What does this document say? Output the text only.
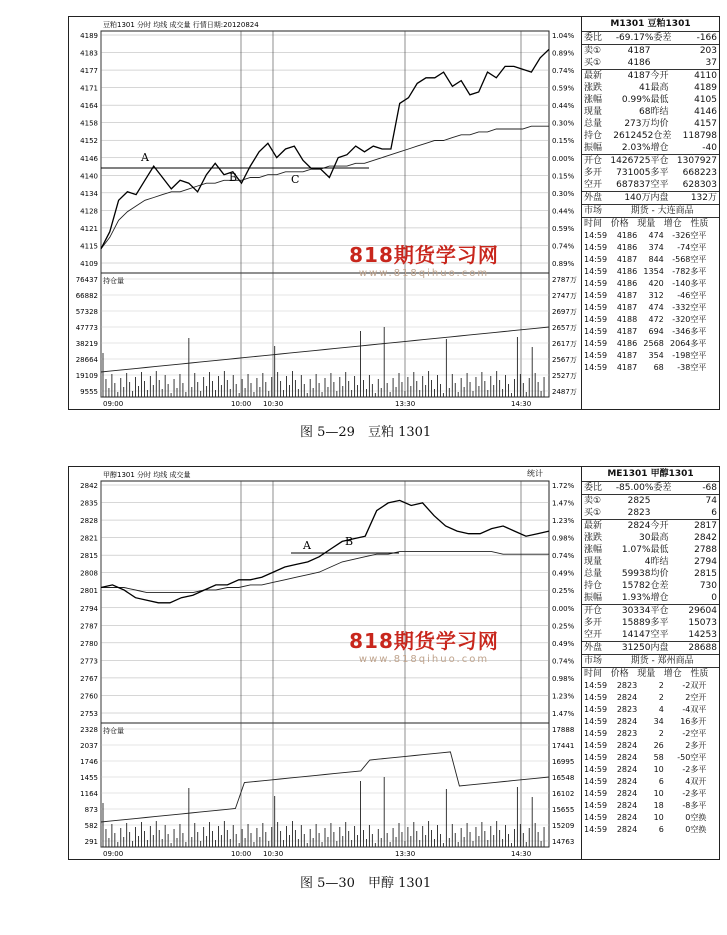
豆粕1301 分时 均线 成交量 行情日期:20120824
4189	1.04%
4183	0.89%
4177	0.74%
4171	0.59%
4164	0.44%
4158	0.30%
4152	0.15%
4146	0.00%
4140	0.15%
4134	0.30%
4128	0.44%
4121	0.59%
4115	0.74%
4109	0.89%
09:00	10:00 10:30	13:30	14:30
持仓量
76437	2787万
66882	2747万
57328	2697万
47773	2657万
38219	2617万
28664	2567万
19109	2527万
9555	2487万
A
B	C
M1301 豆粕1301
委比	-69.17% 委差	-166
卖①	4187	203
买①	4186	37
最新	4187 今开	4110
涨跌	41 最高	4189
涨幅	0.99% 最低	4105
现量	68 昨结	4146
总量	273万 均价	4157
持仓	2612452 仓差	118798
振幅	2.03% 增仓	-40
开仓 1426725 平仓 1307927
多开	731005 多平	668223
空开	687837 空平	628303
外盘	140万 内盘	132万
市场	期货 - 大连商品
时间 价格 现量 增仓 性质
14:59	4186	474	-326 空平
14:59	4186	374	-74 空平
14:59	4187	844	-568 空平
14:59	4186 1354	-782 多平
14:59	4186	420	-140 多平
14:59	4187	312	-46 空平
14:59	4187	474	-332 空平
14:59	4188	472	-320 空平
14:59	4187	694	-346 多平
14:59	4186 2568 2064 多平
14:59	4187	354	-198 空平
14:59	4187	68	-38 空平
818期货学习网
www.818qihuo.com
图 5—29　豆粕 1301
甲醇1301 分时 均线 成交量
2842	1.72%
2835	1.47%
2828	1.23%
2821	0.98%
2815	0.74%
2808	0.49%
2801	0.25%
2794	0.00%
2787	0.25%
2780	0.49%
2773	0.74%
2767	0.98%
2760	1.23%
2753	1.47%
09:00	10:00 10:30	13:30	14:30
持仓量
2328	17888
2037	17441
1746	16995
1455	16548
1164	16102
873	15655
582	15209
291	14763
A	B
统计	ME1301 甲醇1301
委比	-85.00% 委差	-68
卖①	2825	74
买①	2823	6
最新	2824 今开	2817
涨跌	30 最高	2842
涨幅	1.07% 最低	2788
现量	4 昨结	2794
总量	59938 均价	2815
持仓	15782 仓差	730
振幅	1.93% 增仓	0
开仓	30334 平仓	29604
多开	15889 多平	15073
空开	14147 空平	14253
外盘	31250 内盘	28688
市场	期货 - 郑州商品
时间 价格 现量 增仓 性质
14:59	2823	2	-2 双开
14:59	2824	2	2 空开
14:59	2823	4	-4 双平
14:59	2824	34	16 多开
14:59	2823	2	-2 空平
14:59	2824	26	2 多开
14:59	2824	58	-50 空平
14:59	2824	10	-2 多平
14:59	2824	6	4 双开
14:59	2824	10	-2 多平
14:59	2824	18	-8 多平
14:59	2824	10	0 空换
14:59	2824	6	0 空换
818期货学习网
www.818qihuo.com
图 5—30　甲醇 1301
